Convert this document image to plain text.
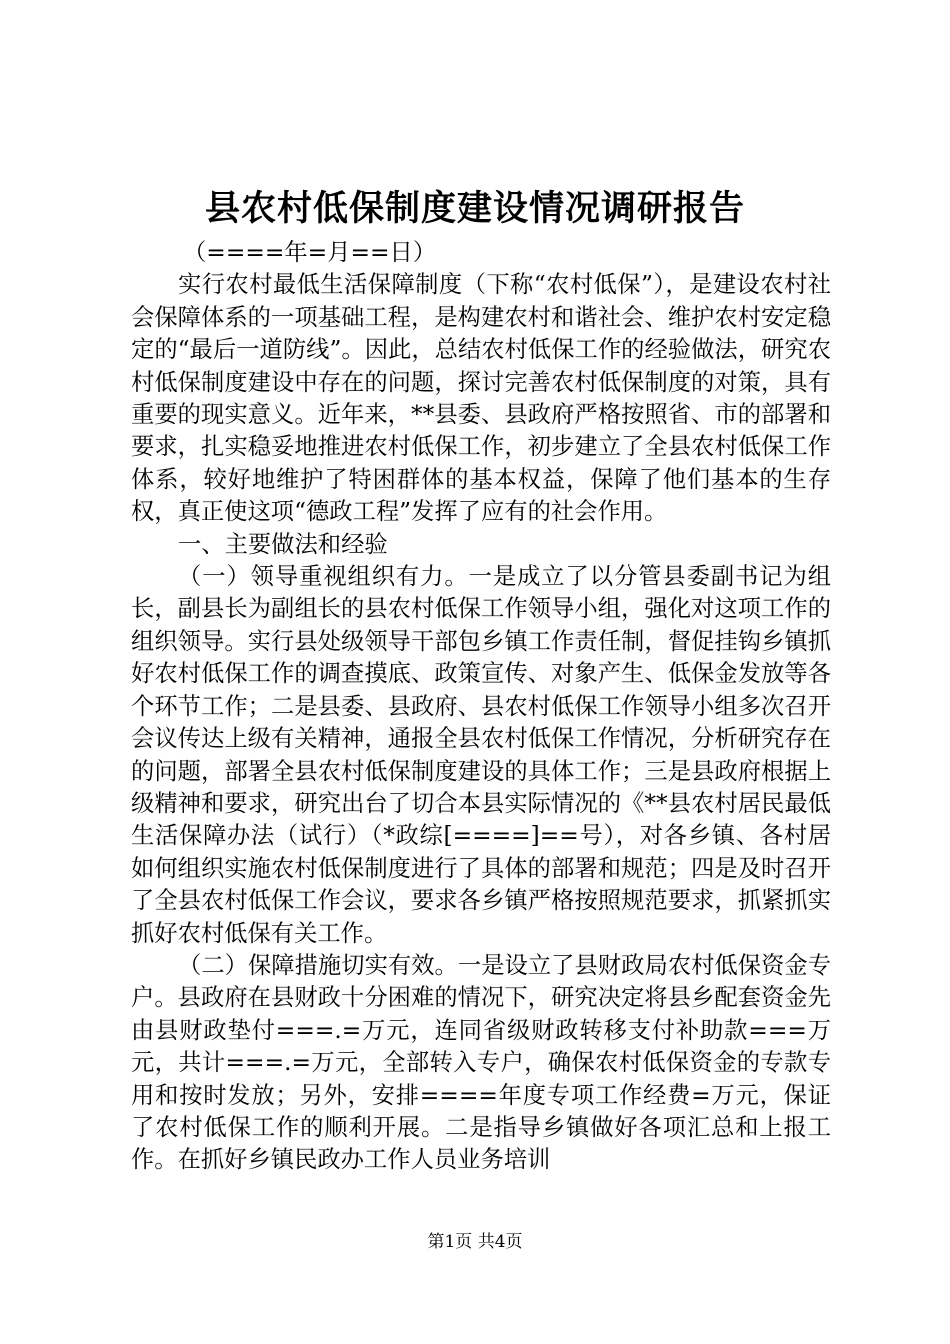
县农村低保制度建设情况调研报告

（====年=月==日）

实行农村最低生活保障制度（下称“农村低保”），是建设农村社会保障体系的一项基础工程，是构建农村和谐社会、维护农村安定稳定的“最后一道防线”。因此，总结农村低保工作的经验做法，研究农村低保制度建设中存在的问题，探讨完善农村低保制度的对策，具有重要的现实意义。近年来，**县委、县政府严格按照省、市的部署和要求，扎实稳妥地推进农村低保工作，初步建立了全县农村低保工作体系，较好地维护了特困群体的基本权益，保障了他们基本的生存权，真正使这项“德政工程”发挥了应有的社会作用。

一、主要做法和经验

（一）领导重视组织有力。一是成立了以分管县委副书记为组长，副县长为副组长的县农村低保工作领导小组，强化对这项工作的组织领导。实行县处级领导干部包乡镇工作责任制，督促挂钩乡镇抓好农村低保工作的调查摸底、政策宣传、对象产生、低保金发放等各个环节工作；二是县委、县政府、县农村低保工作领导小组多次召开会议传达上级有关精神，通报全县农村低保工作情况，分析研究存在的问题，部署全县农村低保制度建设的具体工作；三是县政府根据上级精神和要求，研究出台了切合本县实际情况的《**县农村居民最低生活保障办法（试行）（*政综[====]==号），对各乡镇、各村居如何组织实施农村低保制度进行了具体的部署和规范；四是及时召开了全县农村低保工作会议，要求各乡镇严格按照规范要求，抓紧抓实抓好农村低保有关工作。

（二）保障措施切实有效。一是设立了县财政局农村低保资金专户。县政府在县财政十分困难的情况下，研究决定将县乡配套资金先由县财政垫付===.=万元，连同省级财政转移支付补助款===万元，共计===.=万元，全部转入专户，确保农村低保资金的专款专用和按时发放；另外，安排====年度专项工作经费=万元，保证了农村低保工作的顺利开展。二是指导乡镇做好各项汇总和上报工作。在抓好乡镇民政办工作人员业务培训

第1页 共4页
